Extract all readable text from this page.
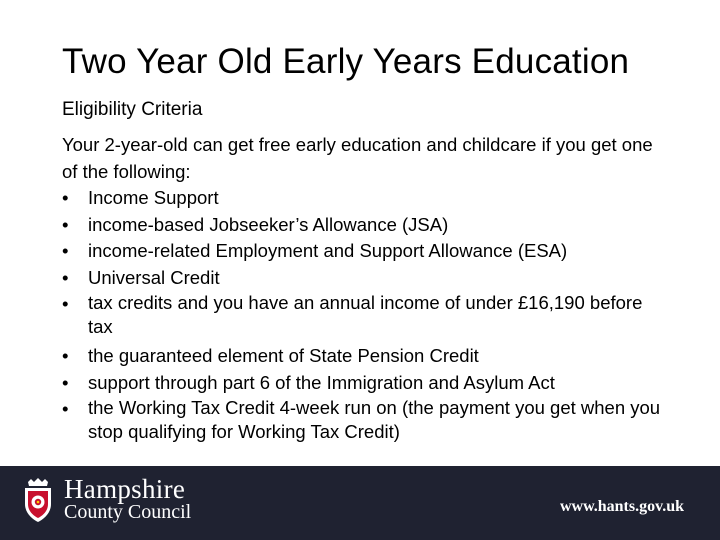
Two Year Old Early Years Education
Eligibility Criteria

Your 2-year-old can get free early education and childcare if you get one of the following:

•	Income Support
•	income-based Jobseeker’s Allowance (JSA)
•	income-related Employment and Support Allowance (ESA)
•	Universal Credit
•	tax credits and you have an annual income of under £16,190 before tax
•	the guaranteed element of State Pension Credit
•	support through part 6 of the Immigration and Asylum Act
•	the Working Tax Credit 4-week run on (the payment you get when you stop qualifying for Working Tax Credit)
Hampshire
County Council	www.hants.gov.uk
